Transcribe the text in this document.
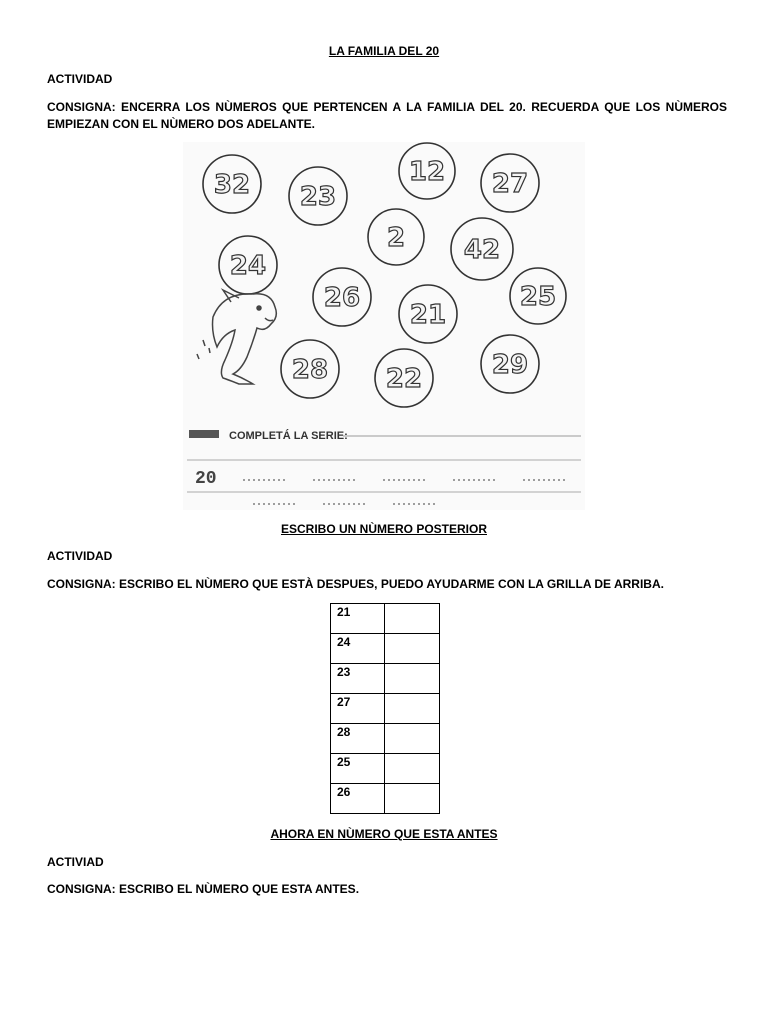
LA FAMILIA DEL 20
ACTIVIDAD
CONSIGNA: ENCERRA LOS NÙMEROS QUE PERTENCEN A LA FAMILIA DEL 20. RECUERDA QUE LOS NÙMEROS EMPIEZAN CON EL NÙMERO DOS ADELANTE.
32 23
12 27
2 42
24
26
21
25
28 22	29
COMPLETÁ LA SERIE:
20
ESCRIBO UN NÙMERO POSTERIOR
ACTIVIDAD
CONSIGNA: ESCRIBO EL NÙMERO QUE ESTÀ DESPUES, PUEDO AYUDARME CON LA GRILLA DE ARRIBA.
21	
24	
23	
27	
28	
25	
26	
AHORA EN NÙMERO QUE ESTA ANTES
ACTIVIAD
CONSIGNA: ESCRIBO EL NÙMERO QUE ESTA ANTES.
